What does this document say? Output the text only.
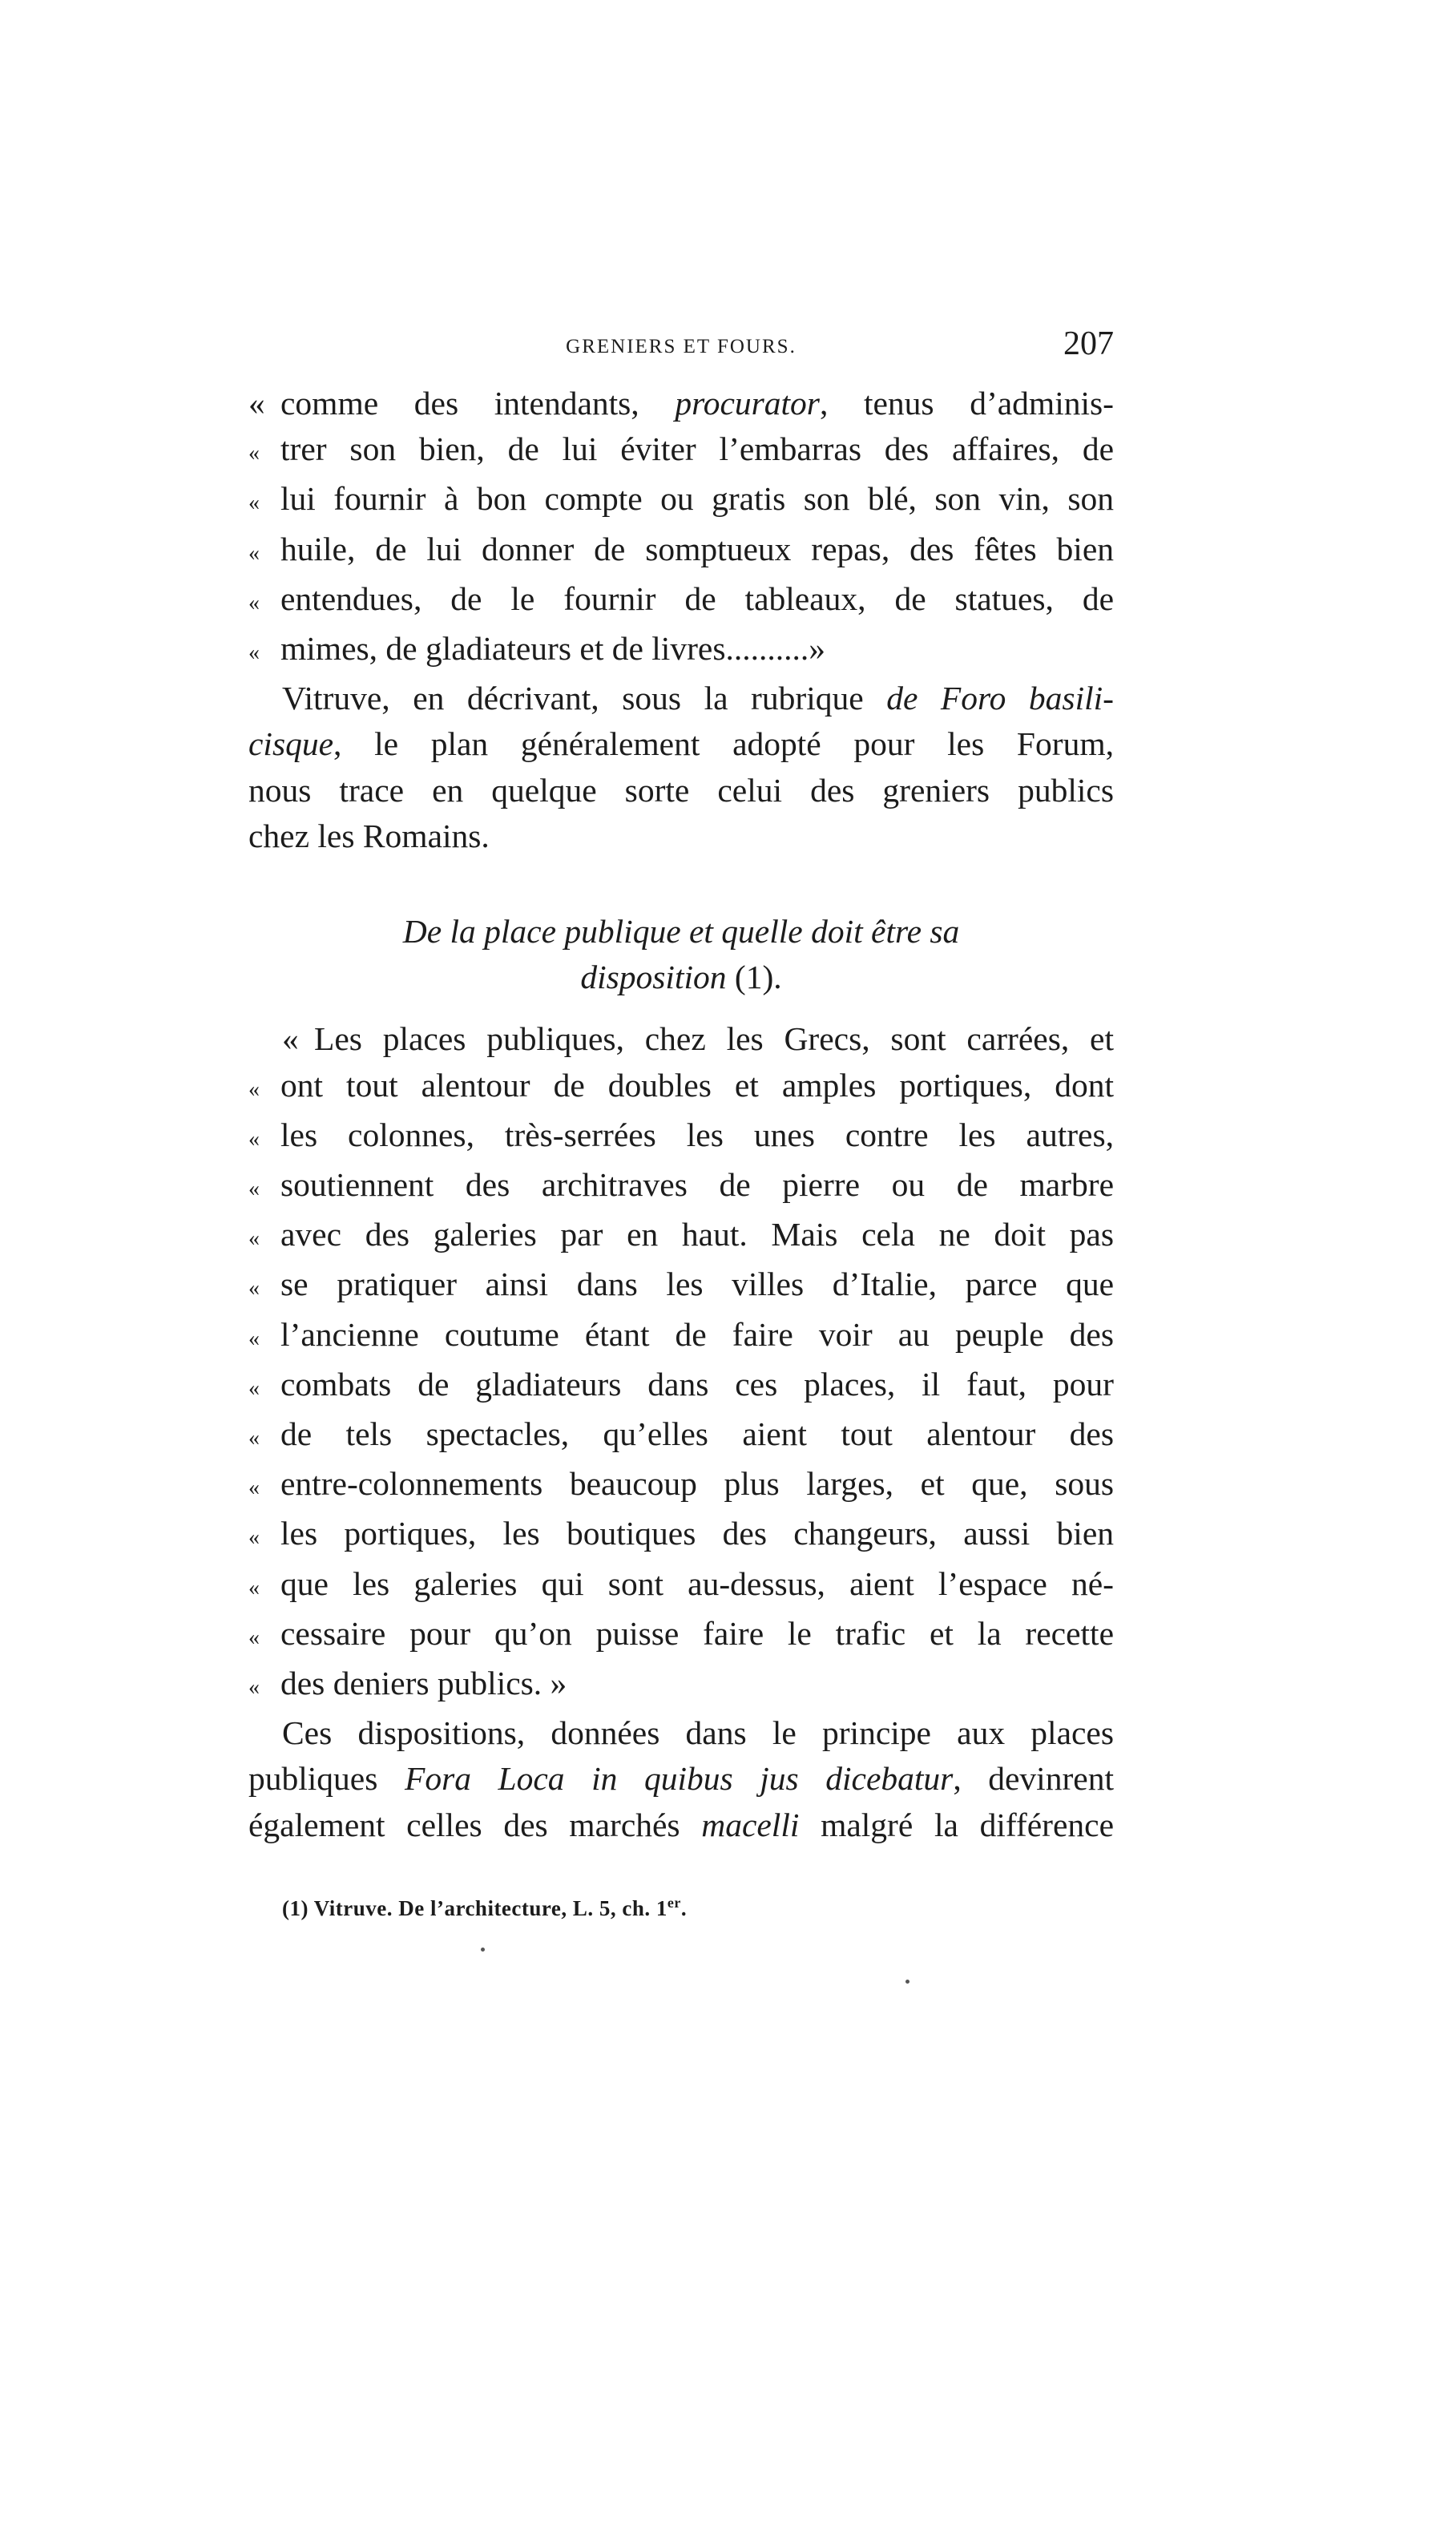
GRENIERS ET FOURS.	207
« comme des intendants, procurator, tenus d’adminis-
« trer son bien, de lui éviter l’embarras des affaires, de
« lui fournir à bon compte ou gratis son blé, son vin, son
« huile, de lui donner de somptueux repas, des fêtes bien
« entendues, de le fournir de tableaux, de statues, de
« mimes, de gladiateurs et de livres..........»
Vitruve, en décrivant, sous la rubrique de Foro basili-
cisque, le plan généralement adopté pour les Forum,
nous trace en quelque sorte celui des greniers publics
chez les Romains.
De la place publique et quelle doit être sa
disposition (1).
« Les places publiques, chez les Grecs, sont carrées, et
« ont tout alentour de doubles et amples portiques, dont
« les colonnes, très-serrées les unes contre les autres,
« soutiennent des architraves de pierre ou de marbre
« avec des galeries par en haut. Mais cela ne doit pas
« se pratiquer ainsi dans les villes d’Italie, parce que
« l’ancienne coutume étant de faire voir au peuple des
« combats de gladiateurs dans ces places, il faut, pour
« de tels spectacles, qu’elles aient tout alentour des
« entre-colonnements beaucoup plus larges, et que, sous
« les portiques, les boutiques des changeurs, aussi bien
« que les galeries qui sont au-dessus, aient l’espace né-
« cessaire pour qu’on puisse faire le trafic et la recette
« des deniers publics. »
Ces dispositions, données dans le principe aux places
publiques Fora Loca in quibus jus dicebatur, devinrent
également celles des marchés macelli malgré la différence
(1) Vitruve. De l’architecture, L. 5, ch. 1er.
